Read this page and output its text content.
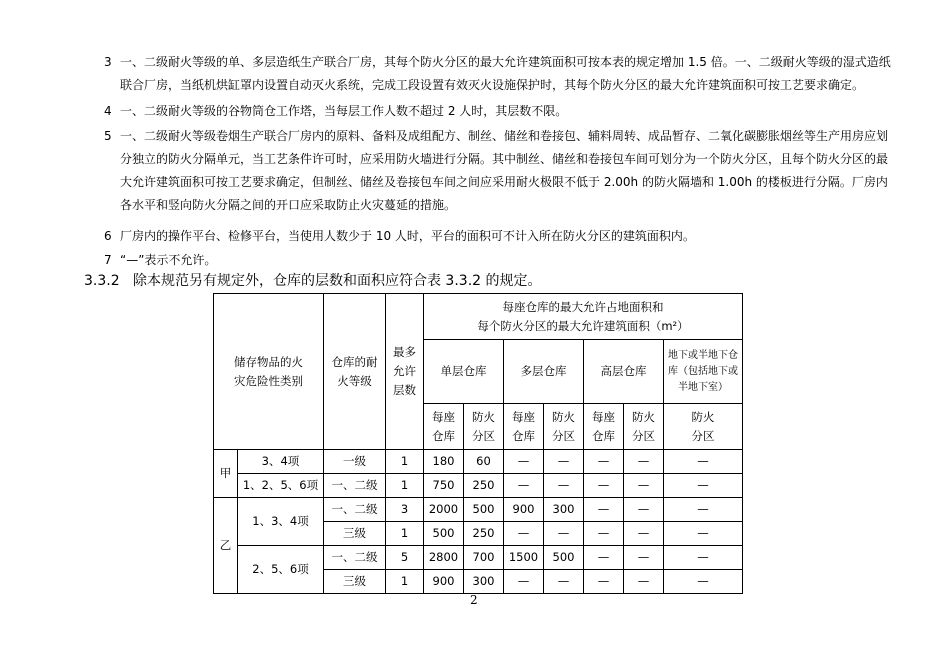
3 一、二级耐火等级的单、多层造纸生产联合厂房，其每个防火分区的最大允许建筑面积可按本表的规定增加 1.5 倍。一、二级耐火等级的湿式造纸联合厂房，当纸机烘缸罩内设置自动灭火系统，完成工段设置有效灭火设施保护时，其每个防火分区的最大允许建筑面积可按工艺要求确定。
4 一、二级耐火等级的谷物筒仓工作塔，当每层工作人数不超过 2 人时，其层数不限。
5 一、二级耐火等级卷烟生产联合厂房内的原料、备料及成组配方、制丝、储丝和卷接包、辅料周转、成品暂存、二氧化碳膨胀烟丝等生产用房应划分独立的防火分隔单元，当工艺条件许可时，应采用防火墙进行分隔。其中制丝、储丝和卷接包车间可划分为一个防火分区，且每个防火分区的最大允许建筑面积可按工艺要求确定，但制丝、储丝及卷接包车间之间应采用耐火极限不低于 2.00h 的防火隔墙和 1.00h 的楼板进行分隔。厂房内各水平和竖向防火分隔之间的开口应采取防止火灾蔓延的措施。
6 厂房内的操作平台、检修平台，当使用人数少于 10 人时，平台的面积可不计入所在防火分区的建筑面积内。
7 “—”表示不允许。
3.3.2 除本规范另有规定外，仓库的层数和面积应符合表 3.3.2 的规定。
储存物品的火灾危险性类别		仓库的耐火等级	最多允许层数	每座仓库的最大允许占地面积和
每个防火分区的最大允许建筑面积（m²）						

				单层仓库		多层仓库		高层仓库		地下或半地下仓库（包括地下或半地下室）

				每座仓库	防火分区	每座仓库	防火分区	每座仓库	防火分区	防火分区

甲	3、4项	一级	1	180	60	—	—	—	—	—
	1、2、5、6项	一、二级	1	750	250	—	—	—	—	—
乙	1、3、4项	一、二级	3	2000	500	900	300	—	—	—
		三级	1	500	250	—	—	—	—	—
	2、5、6项	一、二级	5	2800	700	1500	500	—	—	—
		三级	1	900	300	—	—	—	—	—
2
